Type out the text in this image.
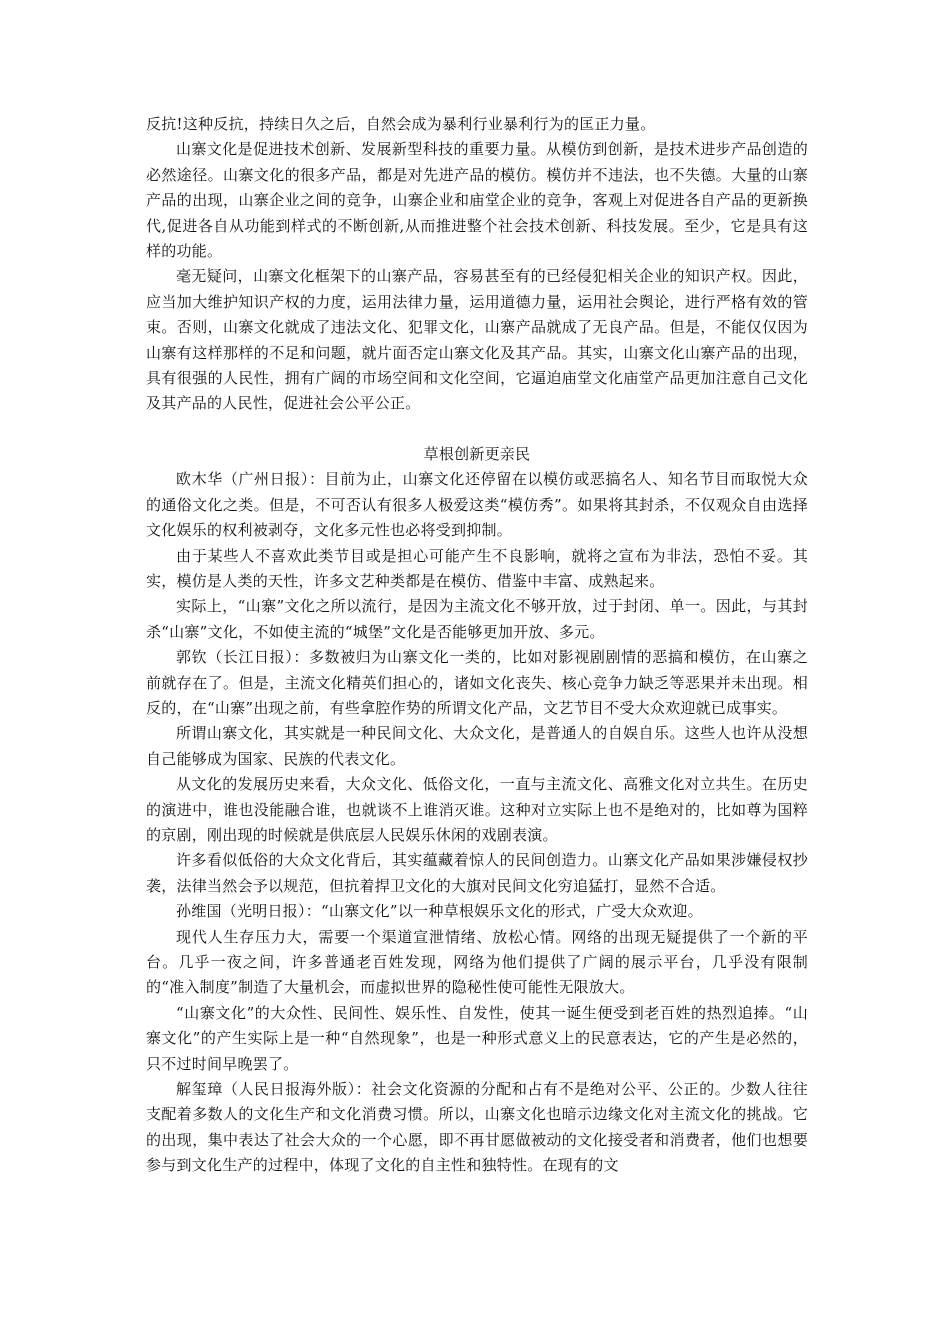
反抗!这种反抗，持续日久之后，自然会成为暴利行业暴利行为的匡正力量。

山寨文化是促进技术创新、发展新型科技的重要力量。从模仿到创新，是技术进步产品创造的必然途径。山寨文化的很多产品，都是对先进产品的模仿。模仿并不违法，也不失德。大量的山寨产品的出现，山寨企业之间的竞争，山寨企业和庙堂企业的竞争，客观上对促进各自产品的更新换代,促进各自从功能到样式的不断创新,从而推进整个社会技术创新、科技发展。至少，它是具有这样的功能。

毫无疑问，山寨文化框架下的山寨产品，容易甚至有的已经侵犯相关企业的知识产权。因此，应当加大维护知识产权的力度，运用法律力量，运用道德力量，运用社会舆论，进行严格有效的管束。否则，山寨文化就成了违法文化、犯罪文化，山寨产品就成了无良产品。但是，不能仅仅因为山寨有这样那样的不足和问题，就片面否定山寨文化及其产品。其实，山寨文化山寨产品的出现，具有很强的人民性，拥有广阔的市场空间和文化空间，它逼迫庙堂文化庙堂产品更加注意自己文化及其产品的人民性，促进社会公平公正。

草根创新更亲民

欧木华（广州日报）：目前为止，山寨文化还停留在以模仿或恶搞名人、知名节目而取悦大众的通俗文化之类。但是，不可否认有很多人极爱这类“模仿秀”。如果将其封杀，不仅观众自由选择文化娱乐的权利被剥夺，文化多元性也必将受到抑制。

由于某些人不喜欢此类节目或是担心可能产生不良影响，就将之宣布为非法，恐怕不妥。其实，模仿是人类的天性，许多文艺种类都是在模仿、借鉴中丰富、成熟起来。

实际上，“山寨”文化之所以流行，是因为主流文化不够开放，过于封闭、单一。因此，与其封杀“山寨”文化，不如使主流的“城堡”文化是否能够更加开放、多元。

郭钦（长江日报）：多数被归为山寨文化一类的，比如对影视剧剧情的恶搞和模仿，在山寨之前就存在了。但是，主流文化精英们担心的，诸如文化丧失、核心竞争力缺乏等恶果并未出现。相反的，在“山寨”出现之前，有些拿腔作势的所谓文化产品，文艺节目不受大众欢迎就已成事实。

所谓山寨文化，其实就是一种民间文化、大众文化，是普通人的自娱自乐。这些人也许从没想自己能够成为国家、民族的代表文化。

从文化的发展历史来看，大众文化、低俗文化，一直与主流文化、高雅文化对立共生。在历史的演进中，谁也没能融合谁，也就谈不上谁消灭谁。这种对立实际上也不是绝对的，比如尊为国粹的京剧，刚出现的时候就是供底层人民娱乐休闲的戏剧表演。

许多看似低俗的大众文化背后，其实蕴藏着惊人的民间创造力。山寨文化产品如果涉嫌侵权抄袭，法律当然会予以规范，但抗着捍卫文化的大旗对民间文化穷追猛打，显然不合适。

孙维国（光明日报）：“山寨文化”以一种草根娱乐文化的形式，广受大众欢迎。

现代人生存压力大，需要一个渠道宣泄情绪、放松心情。网络的出现无疑提供了一个新的平台。几乎一夜之间，许多普通老百姓发现，网络为他们提供了广阔的展示平台，几乎没有限制的“准入制度”制造了大量机会，而虚拟世界的隐秘性使可能性无限放大。

“山寨文化”的大众性、民间性、娱乐性、自发性，使其一诞生便受到老百姓的热烈追捧。“山寨文化”的产生实际上是一种“自然现象”，也是一种形式意义上的民意表达，它的产生是必然的，只不过时间早晚罢了。

解玺璋（人民日报海外版）：社会文化资源的分配和占有不是绝对公平、公正的。少数人往往支配着多数人的文化生产和文化消费习惯。所以，山寨文化也暗示边缘文化对主流文化的挑战。它的出现，集中表达了社会大众的一个心愿，即不再甘愿做被动的文化接受者和消费者，他们也想要参与到文化生产的过程中，体现了文化的自主性和独特性。在现有的文
